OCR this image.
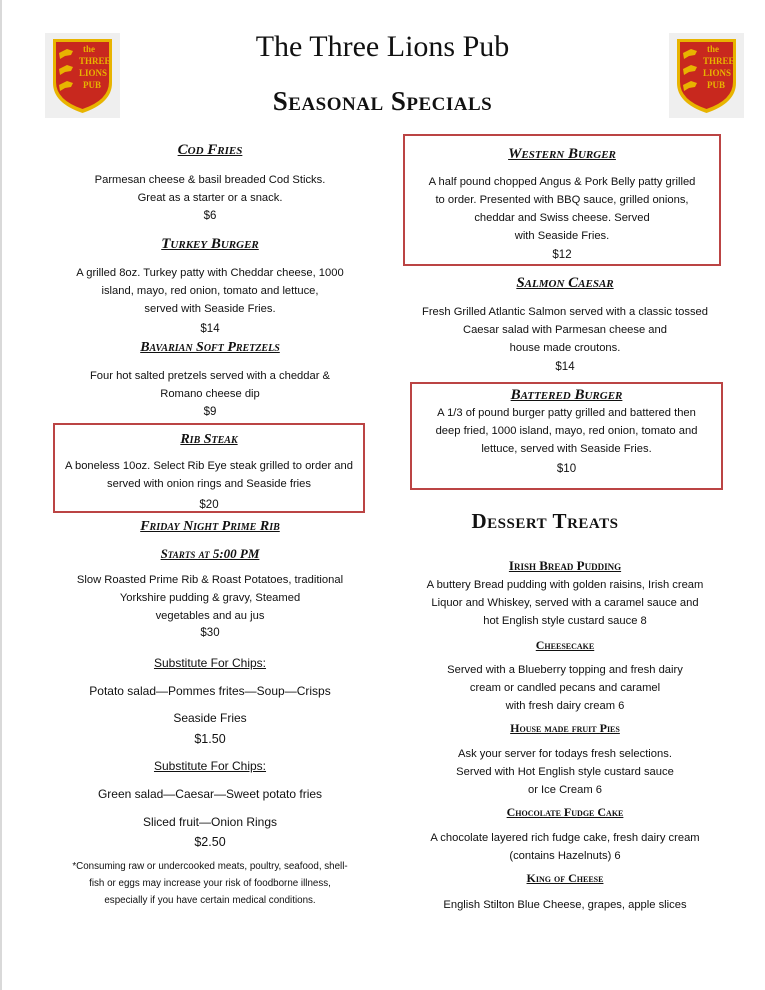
the
THREE
LIONS
PUB
the
THREE
LIONS
PUB
The Three Lions Pub
Seasonal Specials
Cod Fries
Parmesan cheese & basil breaded Cod Sticks.
Great as a starter or a snack.
$6
Turkey Burger
A grilled 8oz. Turkey patty with Cheddar cheese, 1000
island, mayo, red onion, tomato and lettuce,
served with Seaside Fries.
$14
Bavarian Soft Pretzels
Four hot salted pretzels served with a cheddar &
Romano cheese dip
$9
Friday Night Prime Rib
Starts at 5:00 PM
Slow Roasted Prime Rib & Roast Potatoes, traditional
Yorkshire pudding & gravy, Steamed
vegetables and au jus
$30
Substitute For Chips:
Potato salad—Pommes frites—Soup—Crisps
Seaside Fries
$1.50
Substitute For Chips:
Green salad—Caesar—Sweet potato fries
Sliced fruit—Onion Rings
$2.50
*Consuming raw or undercooked meats, poultry, seafood, shell-
fish or eggs may increase your risk of foodborne illness,
especially if you have certain medical conditions.
Rib Steak
A boneless 10oz. Select Rib Eye steak grilled to order and
served with onion rings and Seaside fries
$20
Western Burger
A half pound chopped Angus & Pork Belly patty grilled
to order. Presented with BBQ sauce, grilled onions,
cheddar and Swiss cheese. Served
with Seaside Fries.
$12
Salmon Caesar
Fresh Grilled Atlantic Salmon served with a classic tossed
Caesar salad with Parmesan cheese and
house made croutons.
$14
Battered Burger
A 1/3 of pound burger patty grilled and battered then
deep fried, 1000 island, mayo, red onion, tomato and
lettuce, served with Seaside Fries.
$10
Dessert Treats
Irish Bread Pudding
A buttery Bread pudding with golden raisins, Irish cream
Liquor and Whiskey, served with a caramel sauce and
hot English style custard sauce 8
Cheesecake
Served with a Blueberry topping and fresh dairy
cream or candled pecans and caramel
with fresh dairy cream 6
House made fruit Pies
Ask your server for todays fresh selections.
Served with Hot English style custard sauce
or Ice Cream 6
Chocolate Fudge Cake
A chocolate layered rich fudge cake, fresh dairy cream
(contains Hazelnuts) 6
King of Cheese
English Stilton Blue Cheese, grapes, apple slices
